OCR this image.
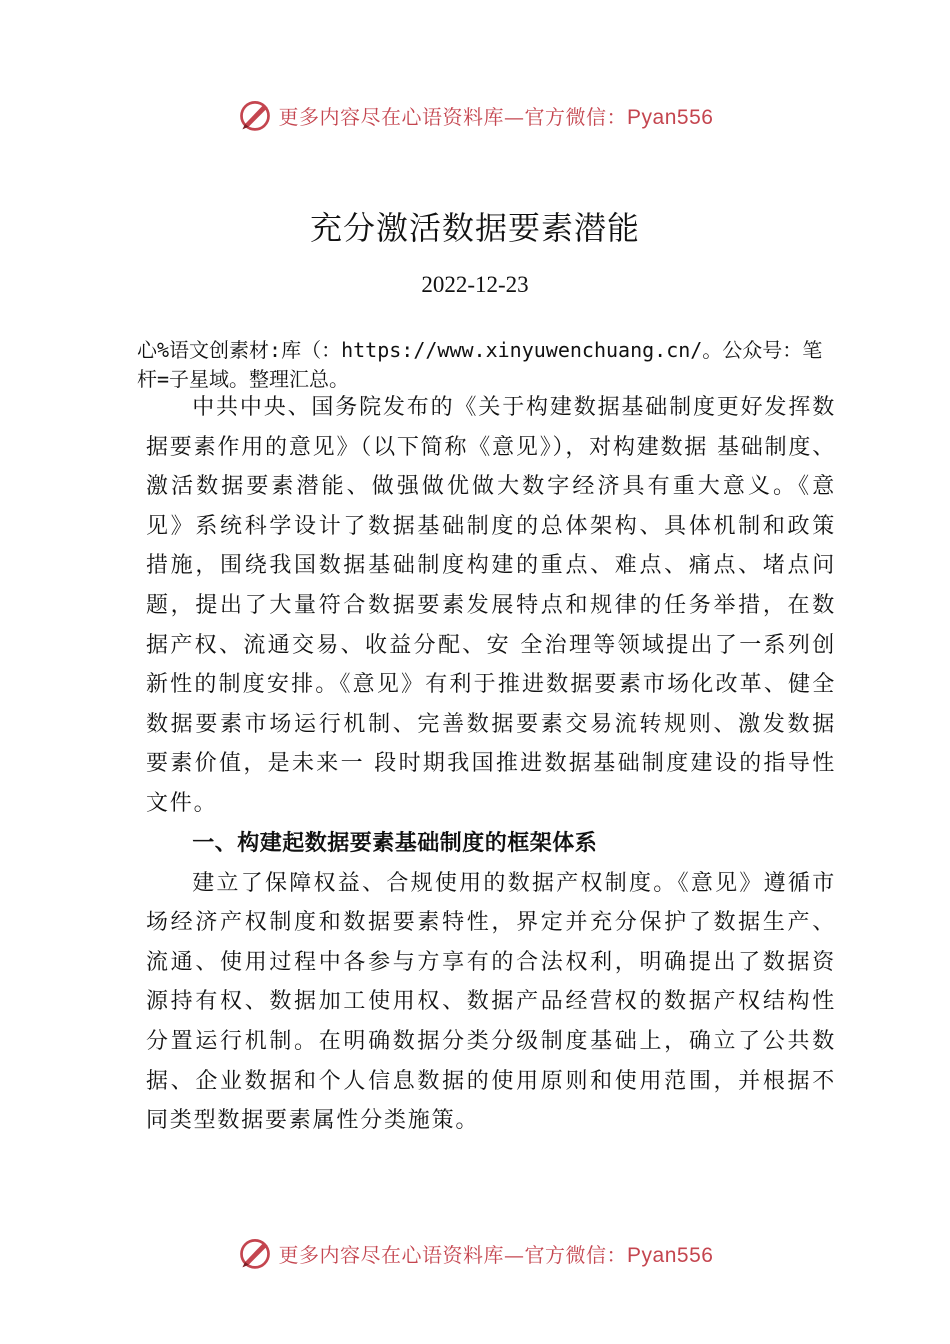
更多内容尽在心语资料库—官方微信：Pyan556
充分激活数据要素潜能
2022-12-23
心%语文创素材:库（：https://www.xinyuwenchuang.cn/。公众号：笔杆=子星域。整理汇总。

中共中央、国务院发布的《关于构建数据基础制度更好发挥数据要素作用的意见》（以下简称《意见》），对构建数据 基础制度、激活数据要素潜能、做强做优做大数字经济具有重大意义。《意见》系统科学设计了数据基础制度的总体架构、具体机制和政策措施，围绕我国数据基础制度构建的重点、难点、痛点、堵点问题，提出了大量符合数据要素发展特点和规律的任务举措，在数据产权、流通交易、收益分配、安 全治理等领域提出了一系列创新性的制度安排。《意见》有利于推进数据要素市场化改革、健全数据要素市场运行机制、完善数据要素交易流转规则、激发数据要素价值，是未来一 段时期我国推进数据基础制度建设的指导性文件。

一、构建起数据要素基础制度的框架体系

建立了保障权益、合规使用的数据产权制度。《意见》遵循市场经济产权制度和数据要素特性，界定并充分保护了数据生产、流通、使用过程中各参与方享有的合法权利，明确提出了数据资源持有权、数据加工使用权、数据产品经营权的数据产权结构性分置运行机制。在明确数据分类分级制度基础上，确立了公共数据、企业数据和个人信息数据的使用原则和使用范围，并根据不同类型数据要素属性分类施策。

更多内容尽在心语资料库—官方微信：Pyan556
